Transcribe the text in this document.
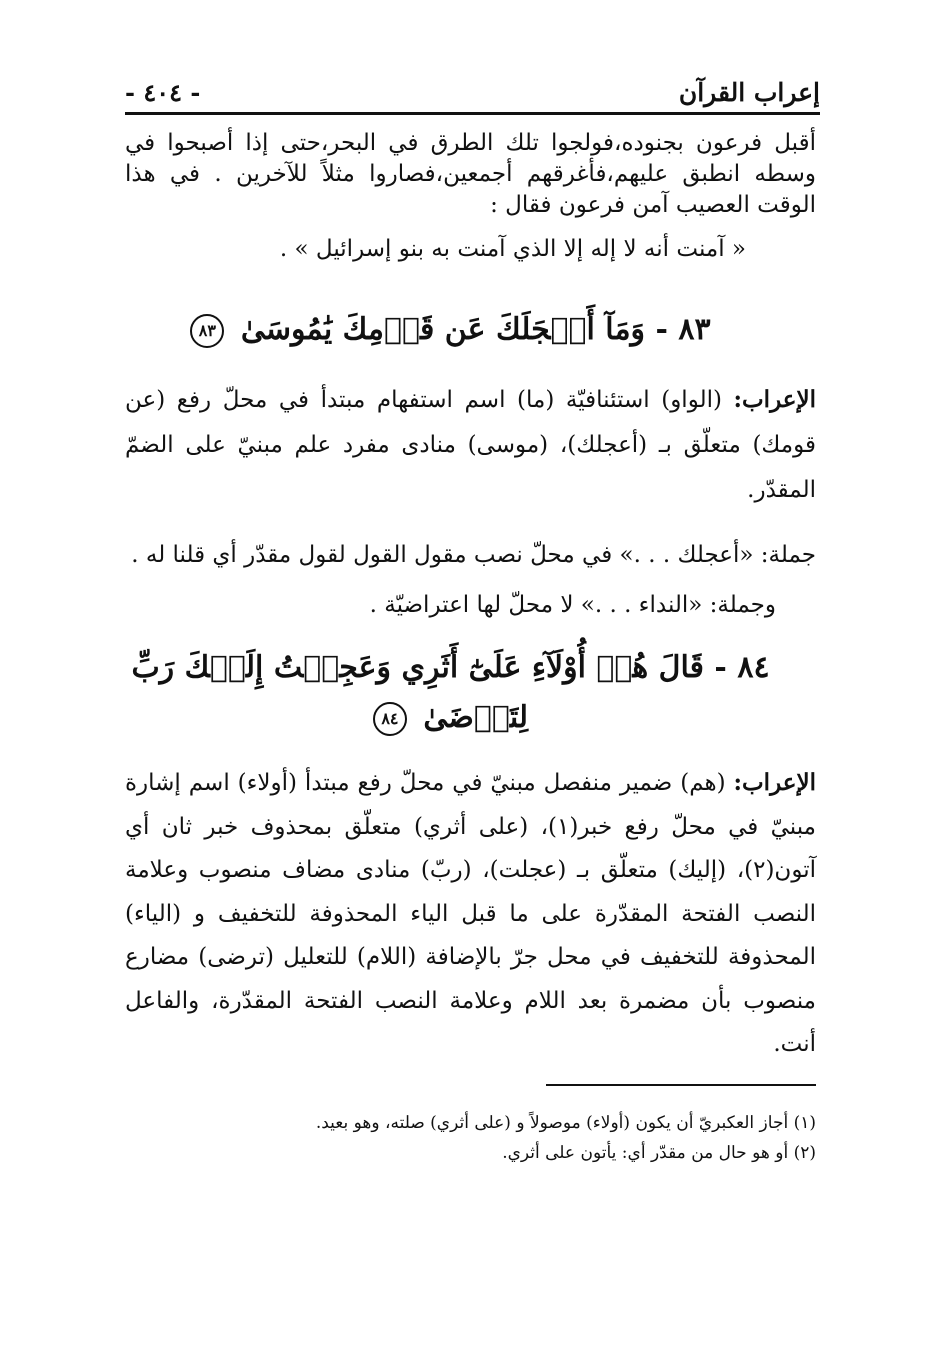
إعراب القرآن
- ٤٠٤ -

أقبل فرعون بجنوده،فولجوا تلك الطرق في البحر،حتى إذا أصبحوا في وسطه انطبق عليهم،فأغرقهم أجمعين،فصاروا مثلاً للآخرين . في هذا الوقت العصيب آمن فرعون فقال :

« آمنت أنه لا إله إلا الذي آمنت به بنو إسرائيل » .

٨٣ - وَمَآ أَعۡجَلَكَ عَن قَوۡمِكَ يَٰمُوسَىٰ ٨٣

الإعراب: (الواو) استئنافيّة (ما) اسم استفهام مبتدأ في محلّ رفع (عن قومك) متعلّق بـ (أعجلك)، (موسى) منادى مفرد علم مبنيّ على الضمّ المقدّر.

جملة: «أعجلك . . .» في محلّ نصب مقول القول لقول مقدّر أي قلنا له .

وجملة: «النداء . . .» لا محلّ لها اعتراضيّة .

٨٤ - قَالَ هُمۡ أُوْلَآءِ عَلَىٰٓ أَثَرِي وَعَجِلۡتُ إِلَيۡكَ رَبِّ لِتَرۡضَىٰ ٨٤

الإعراب: (هم) ضمير منفصل مبنيّ في محلّ رفع مبتدأ (أولاء) اسم إشارة مبنيّ في محلّ رفع خبر(١)، (على أثري) متعلّق بمحذوف خبر ثان أي آتون(٢)، (إليك) متعلّق بـ (عجلت)، (ربّ) منادى مضاف منصوب وعلامة النصب الفتحة المقدّرة على ما قبل الياء المحذوفة للتخفيف و (الياء) المحذوفة للتخفيف في محل جرّ بالإضافة (اللام) للتعليل (ترضى) مضارع منصوب بأن مضمرة بعد اللام وعلامة النصب الفتحة المقدّرة، والفاعل أنت.

(١) أجاز العكبريّ أن يكون (أولاء) موصولاً و (على أثري) صلته، وهو بعيد.

(٢) أو هو حال من مقدّر أي: يأتون على أثري.
